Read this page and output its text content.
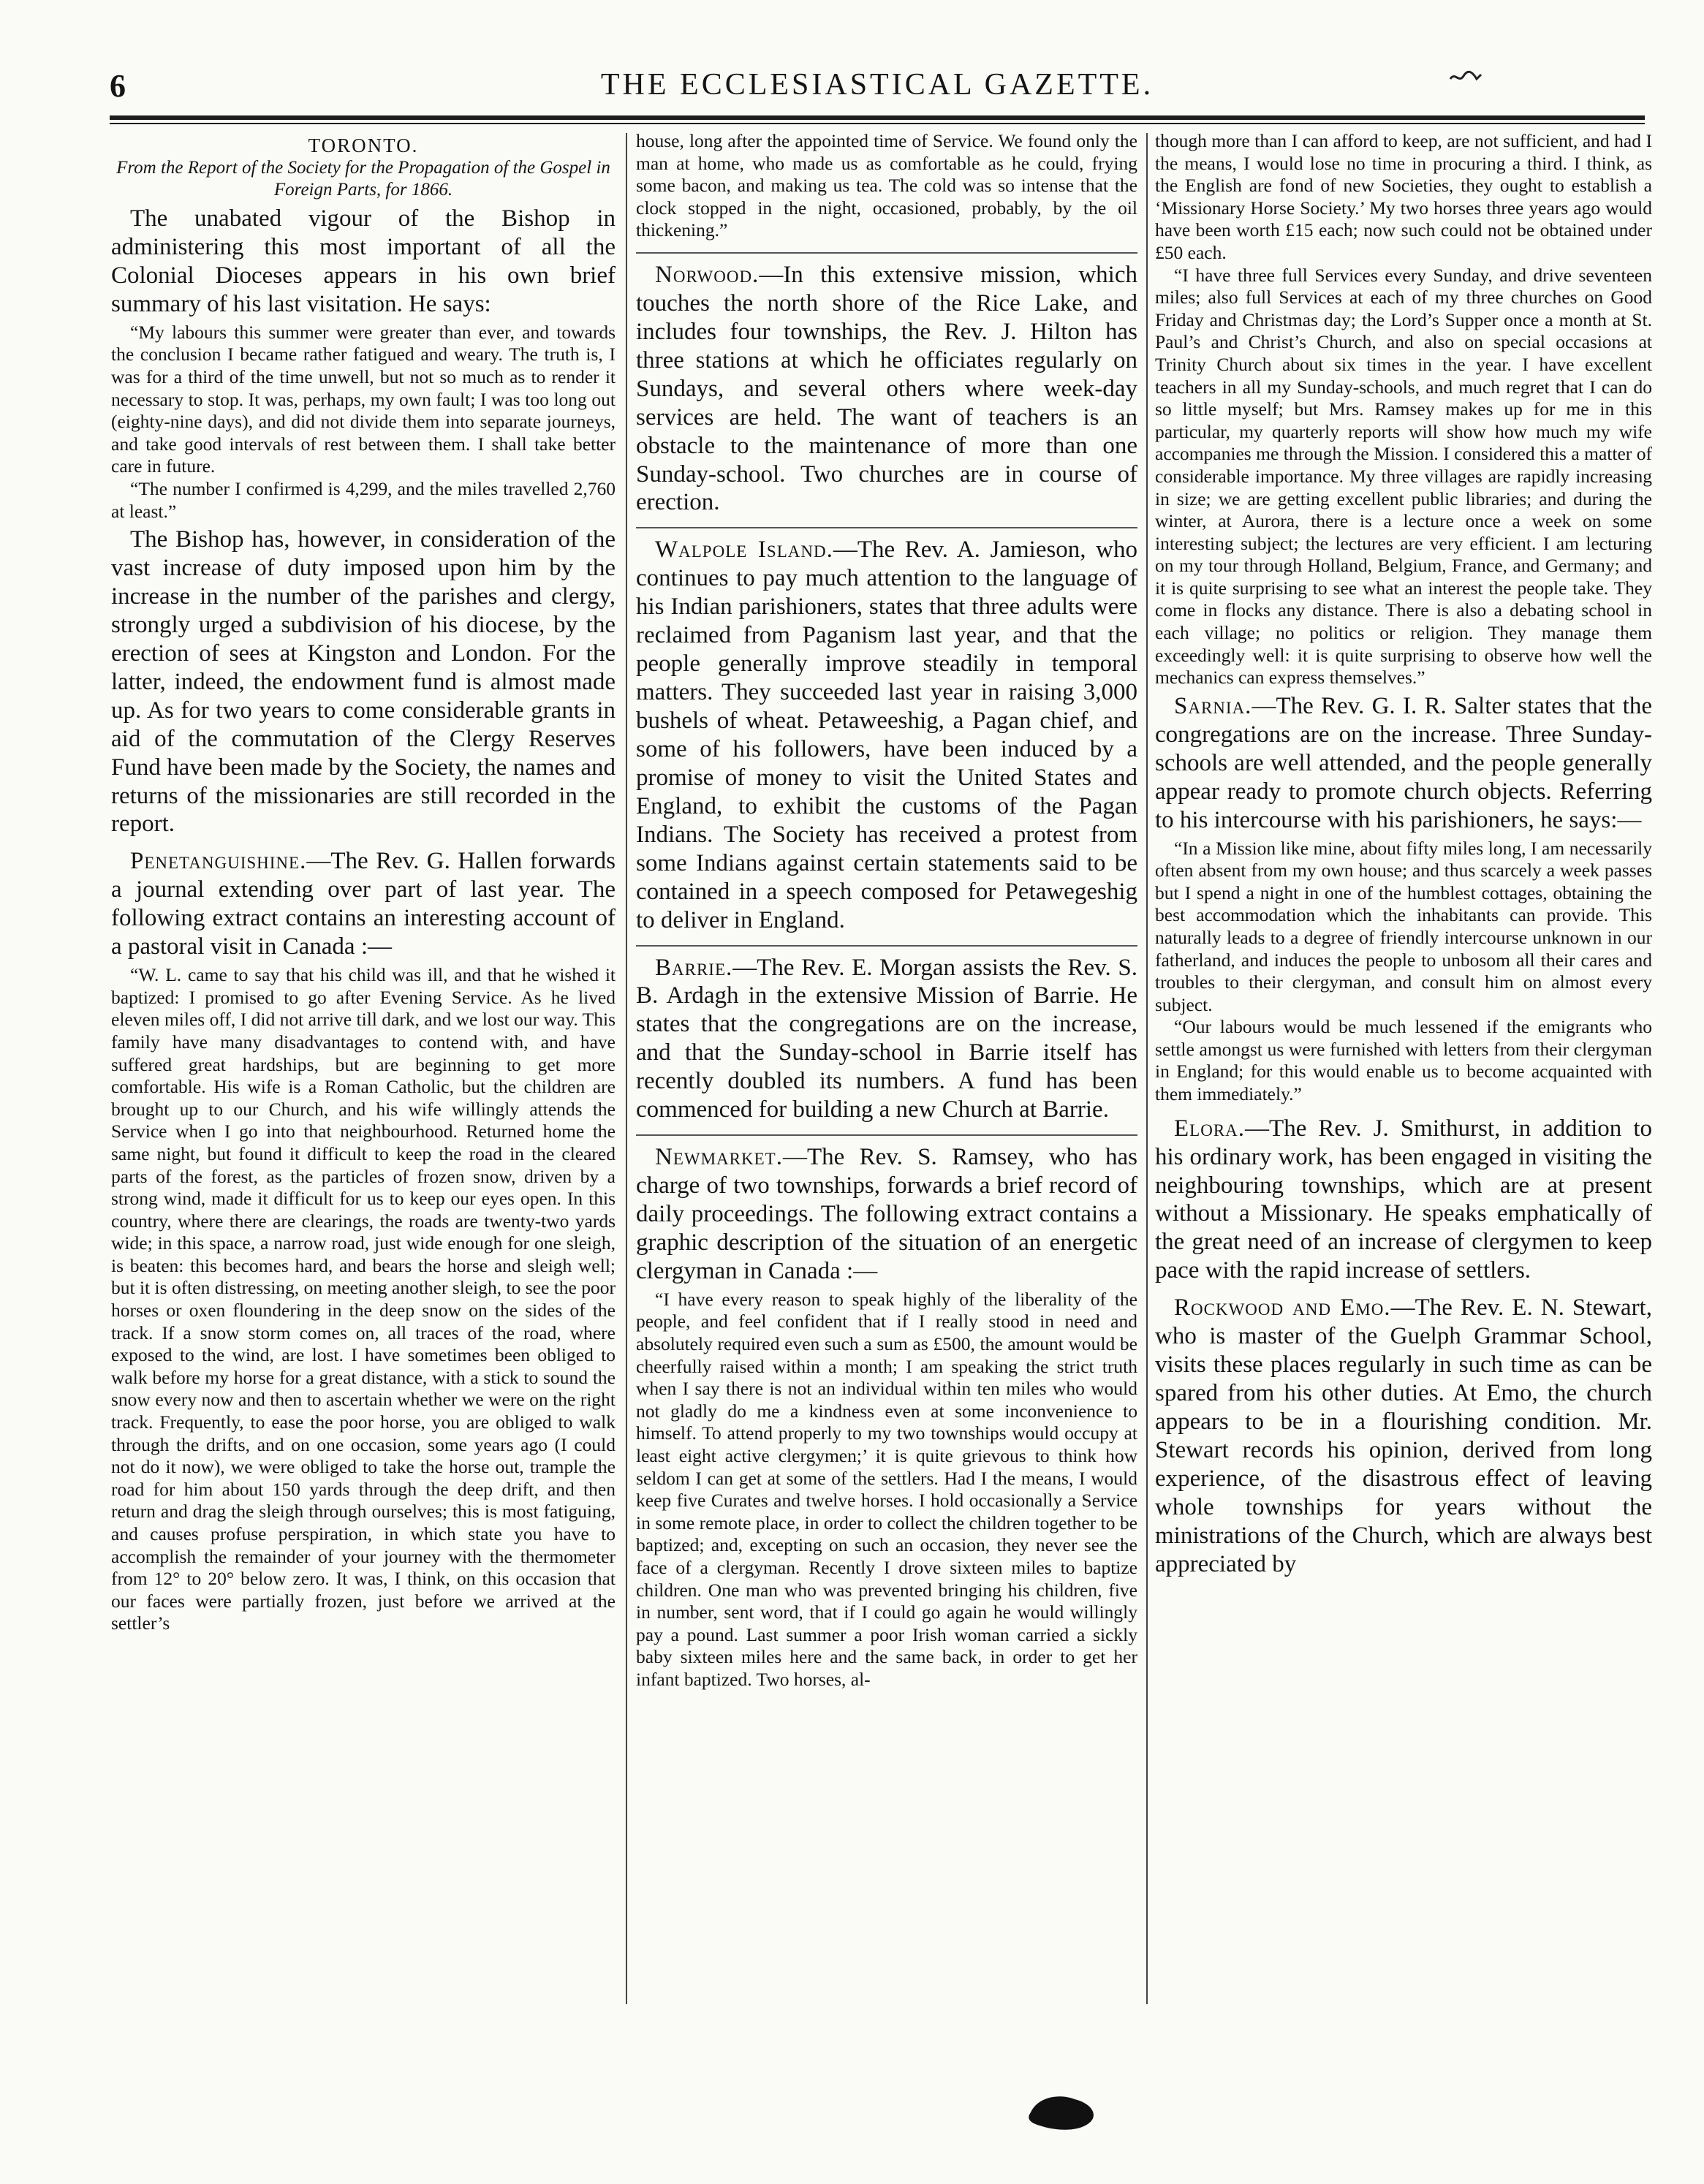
6	THE ECCLESIASTICAL GAZETTE.
TORONTO.
From the Report of the Society for the Propagation of the Gospel in Foreign Parts, for 1866.

The unabated vigour of the Bishop in administering this most important of all the Colonial Dioceses appears in his own brief summary of his last visitation. He says:

“My labours this summer were greater than ever, and towards the conclusion I became rather fatigued and weary. The truth is, I was for a third of the time unwell, but not so much as to render it necessary to stop. It was, perhaps, my own fault; I was too long out (eighty-nine days), and did not divide them into separate journeys, and take good intervals of rest between them. I shall take better care in future.

“The number I confirmed is 4,299, and the miles travelled 2,760 at least.”

The Bishop has, however, in consideration of the vast increase of duty imposed upon him by the increase in the number of the parishes and clergy, strongly urged a subdivision of his diocese, by the erection of sees at Kingston and London. For the latter, indeed, the endowment fund is almost made up. As for two years to come considerable grants in aid of the commutation of the Clergy Reserves Fund have been made by the Society, the names and returns of the missionaries are still recorded in the report.

Penetanguishine.—The Rev. G. Hallen forwards a journal extending over part of last year. The following extract contains an interesting account of a pastoral visit in Canada :—

“W. L. came to say that his child was ill, and that he wished it baptized: I promised to go after Evening Service. As he lived eleven miles off, I did not arrive till dark, and we lost our way. This family have many disadvantages to contend with, and have suffered great hardships, but are beginning to get more comfortable. His wife is a Roman Catholic, but the children are brought up to our Church, and his wife willingly attends the Service when I go into that neighbourhood. Returned home the same night, but found it difficult to keep the road in the cleared parts of the forest, as the particles of frozen snow, driven by a strong wind, made it difficult for us to keep our eyes open. In this country, where there are clearings, the roads are twenty-two yards wide; in this space, a narrow road, just wide enough for one sleigh, is beaten: this becomes hard, and bears the horse and sleigh well; but it is often distressing, on meeting another sleigh, to see the poor horses or oxen floundering in the deep snow on the sides of the track. If a snow storm comes on, all traces of the road, where exposed to the wind, are lost. I have sometimes been obliged to walk before my horse for a great distance, with a stick to sound the snow every now and then to ascertain whether we were on the right track. Frequently, to ease the poor horse, you are obliged to walk through the drifts, and on one occasion, some years ago (I could not do it now), we were obliged to take the horse out, trample the road for him about 150 yards through the deep drift, and then return and drag the sleigh through ourselves; this is most fatiguing, and causes profuse perspiration, in which state you have to accomplish the remainder of your journey with the thermometer from 12° to 20° below zero. It was, I think, on this occasion that our faces were partially frozen, just before we arrived at the settler’s

house, long after the appointed time of Service. We found only the man at home, who made us as comfortable as he could, frying some bacon, and making us tea. The cold was so intense that the clock stopped in the night, occasioned, probably, by the oil thickening.”

Norwood.—In this extensive mission, which touches the north shore of the Rice Lake, and includes four townships, the Rev. J. Hilton has three stations at which he officiates regularly on Sundays, and several others where week-day services are held. The want of teachers is an obstacle to the maintenance of more than one Sunday-school. Two churches are in course of erection.

Walpole Island.—The Rev. A. Jamieson, who continues to pay much attention to the language of his Indian parishioners, states that three adults were reclaimed from Paganism last year, and that the people generally improve steadily in temporal matters. They succeeded last year in raising 3,000 bushels of wheat. Petaweeshig, a Pagan chief, and some of his followers, have been induced by a promise of money to visit the United States and England, to exhibit the customs of the Pagan Indians. The Society has received a protest from some Indians against certain statements said to be contained in a speech composed for Petawegeshig to deliver in England.

Barrie.—The Rev. E. Morgan assists the Rev. S. B. Ardagh in the extensive Mission of Barrie. He states that the congregations are on the increase, and that the Sunday-school in Barrie itself has recently doubled its numbers. A fund has been commenced for building a new Church at Barrie.

Newmarket.—The Rev. S. Ramsey, who has charge of two townships, forwards a brief record of daily proceedings. The following extract contains a graphic description of the situation of an energetic clergyman in Canada :—

“I have every reason to speak highly of the liberality of the people, and feel confident that if I really stood in need and absolutely required even such a sum as £500, the amount would be cheerfully raised within a month; I am speaking the strict truth when I say there is not an individual within ten miles who would not gladly do me a kindness even at some inconvenience to himself. To attend properly to my two townships would occupy at least eight active clergymen;’ it is quite grievous to think how seldom I can get at some of the settlers. Had I the means, I would keep five Curates and twelve horses. I hold occasionally a Service in some remote place, in order to collect the children together to be baptized; and, excepting on such an occasion, they never see the face of a clergyman. Recently I drove sixteen miles to baptize children. One man who was prevented bringing his children, five in number, sent word, that if I could go again he would willingly pay a pound. Last summer a poor Irish woman carried a sickly baby sixteen miles here and the same back, in order to get her infant baptized. Two horses, al-

though more than I can afford to keep, are not sufficient, and had I the means, I would lose no time in procuring a third. I think, as the English are fond of new Societies, they ought to establish a ‘Missionary Horse Society.’ My two horses three years ago would have been worth £15 each; now such could not be obtained under £50 each.

“I have three full Services every Sunday, and drive seventeen miles; also full Services at each of my three churches on Good Friday and Christmas day; the Lord’s Supper once a month at St. Paul’s and Christ’s Church, and also on special occasions at Trinity Church about six times in the year. I have excellent teachers in all my Sunday-schools, and much regret that I can do so little myself; but Mrs. Ramsey makes up for me in this particular, my quarterly reports will show how much my wife accompanies me through the Mission. I considered this a matter of considerable importance. My three villages are rapidly increasing in size; we are getting excellent public libraries; and during the winter, at Aurora, there is a lecture once a week on some interesting subject; the lectures are very efficient. I am lecturing on my tour through Holland, Belgium, France, and Germany; and it is quite surprising to see what an interest the people take. They come in flocks any distance. There is also a debating school in each village; no politics or religion. They manage them exceedingly well: it is quite surprising to observe how well the mechanics can express themselves.”

Sarnia.—The Rev. G. I. R. Salter states that the congregations are on the increase. Three Sunday-schools are well attended, and the people generally appear ready to promote church objects. Referring to his intercourse with his parishioners, he says:—

“In a Mission like mine, about fifty miles long, I am necessarily often absent from my own house; and thus scarcely a week passes but I spend a night in one of the humblest cottages, obtaining the best accommodation which the inhabitants can provide. This naturally leads to a degree of friendly intercourse unknown in our fatherland, and induces the people to unbosom all their cares and troubles to their clergyman, and consult him on almost every subject.

“Our labours would be much lessened if the emigrants who settle amongst us were furnished with letters from their clergyman in England; for this would enable us to become acquainted with them immediately.”

Elora.—The Rev. J. Smithurst, in addition to his ordinary work, has been engaged in visiting the neighbouring townships, which are at present without a Missionary. He speaks emphatically of the great need of an increase of clergymen to keep pace with the rapid increase of settlers.

Rockwood and Emo.—The Rev. E. N. Stewart, who is master of the Guelph Grammar School, visits these places regularly in such time as can be spared from his other duties. At Emo, the church appears to be in a flourishing condition. Mr. Stewart records his opinion, derived from long experience, of the disastrous effect of leaving whole townships for years without the ministrations of the Church, which are always best appreciated by
